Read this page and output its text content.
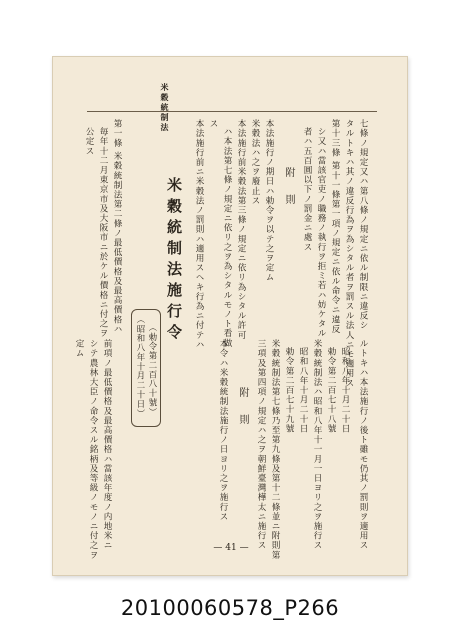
米穀統制法
七條ノ規定又ハ第八條ノ規定ニ依ル制限ニ違反シ
タルトキハ其ノ違反行為ヲ為シタル者ヲ罰スル法人ニモ適用ス
第十三條 第十一條第一項ノ規定ニ依ル命令ニ違反
シ又ハ當該官吏ノ職務ノ執行ヲ拒ミ若ハ妨ケタル
者ハ五百圓以下ノ罰金ニ處ス
附 則
本法施行ノ期日ハ勅令ヲ以テ之ヲ定ム
米穀法ハ之ヲ廢止ス
本法施行前米穀法第三條ノ規定ニ依リ為シタル許可
ハ本法第七條ノ規定ニ依リ之ヲ為シタルモノト看做
ス
本法施行前ニ米穀法ノ罰則ハ適用スヘキ行為ニ付テハ
米穀統制法施行令
（昭和八年十月二十日） （勅令第二百八十號）
第一條 米穀統制法第二條ノ最低價格及最高價格ハ
毎年十二月東京市及大阪市ニ於ケル價格ニ付之ヲ
公定ス
ルトキハ本法施行ノ後ト雖モ仍其ノ罰則ヲ適用ス
昭和八年十月二十日
勅令第二百七十八號
米穀統制法ハ昭和八年十一月一日ヨリ之ヲ施行ス
昭和八年十月二十日
勅令第二百七十九號
米穀統制法第七條乃至第九條及第十二條並ニ附則第
三項及第四項ノ規定ハ之ヲ朝鮮臺灣樺太ニ施行ス
附 則
本令ハ米穀統制法施行ノ日ヨリ之ヲ施行ス
前項ノ最低價格及最高價格ハ當該年度ノ内地米ニ
シテ農林大臣ノ命令スル銘柄及等級ノモノニ付之ヲ
定ム
— 41 —
20100060578_P266
